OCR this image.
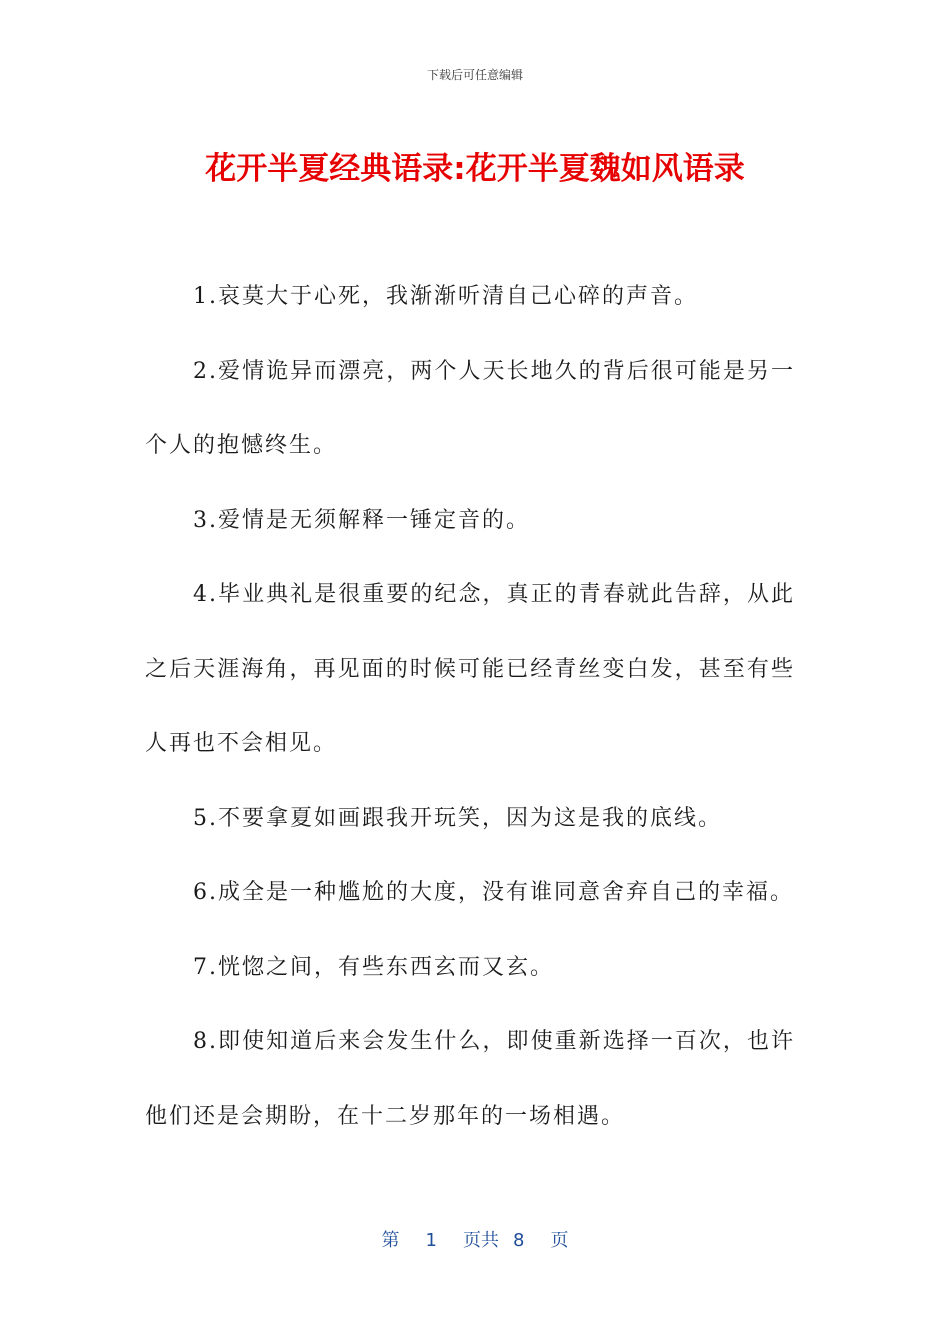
下载后可任意编辑
花开半夏经典语录:花开半夏魏如风语录

1.哀莫大于心死，我渐渐听清自己心碎的声音。

2.爱情诡异而漂亮，两个人天长地久的背后很可能是另一个人的抱憾终生。

3.爱情是无须解释一锤定音的。

4.毕业典礼是很重要的纪念，真正的青春就此告辞，从此之后天涯海角，再见面的时候可能已经青丝变白发，甚至有些人再也不会相见。

5.不要拿夏如画跟我开玩笑，因为这是我的底线。

6.成全是一种尴尬的大度，没有谁同意舍弃自己的幸福。

7.恍惚之间，有些东西玄而又玄。

8.即使知道后来会发生什么，即使重新选择一百次，也许他们还是会期盼，在十二岁那年的一场相遇。

第 1 页共 8 页
